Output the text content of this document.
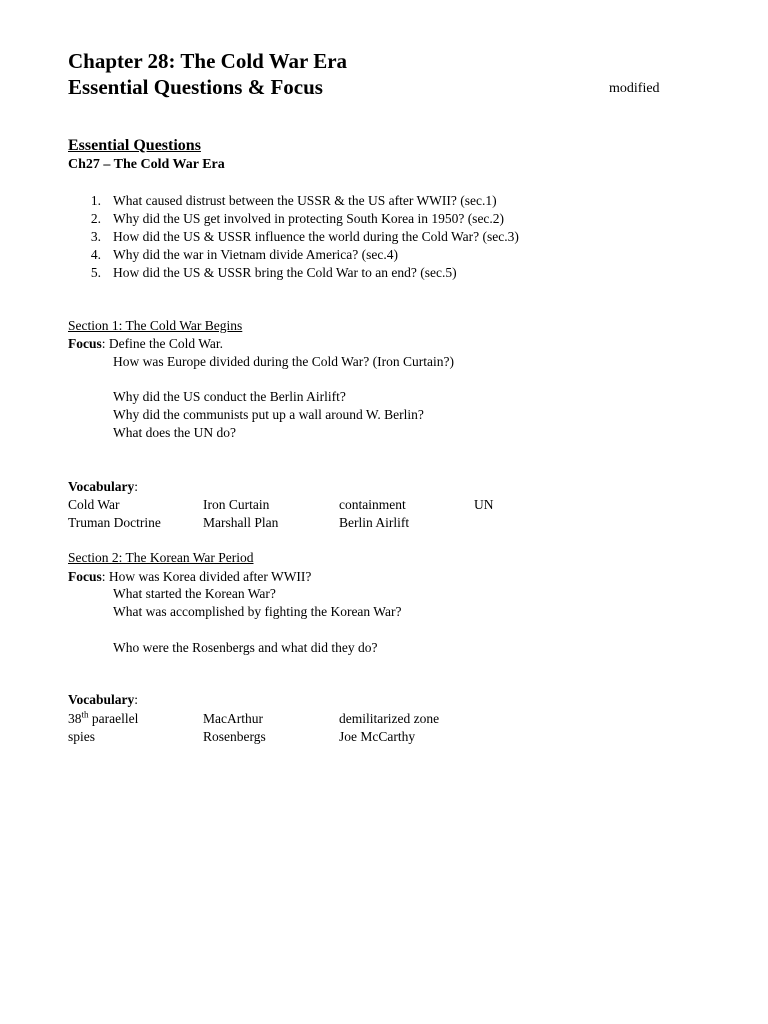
Chapter 28: The Cold War Era
Essential Questions & Focus	modified
Essential Questions
Ch27 – The Cold War Era
1. What caused distrust between the USSR & the US after WWII? (sec.1)
2. Why did the US get involved in protecting South Korea in 1950? (sec.2)
3. How did the US & USSR influence the world during the Cold War? (sec.3)
4. Why did the war in Vietnam divide America? (sec.4)
5. How did the US & USSR bring the Cold War to an end? (sec.5)
Section 1: The Cold War Begins
Focus: Define the Cold War.
How was Europe divided during the Cold War? (Iron Curtain?)
Why did the US conduct the Berlin Airlift?
Why did the communists put up a wall around W. Berlin?
What does the UN do?
Vocabulary:
Cold War	Iron Curtain	containment	UN
Truman Doctrine	Marshall Plan	Berlin Airlift
Section 2: The Korean War Period
Focus: How was Korea divided after WWII?
What started the Korean War?
What was accomplished by fighting the Korean War?
Who were the Rosenbergs and what did they do?
Vocabulary:
38th paraellel	MacArthur	demilitarized zone
spies	Rosenbergs	Joe McCarthy
